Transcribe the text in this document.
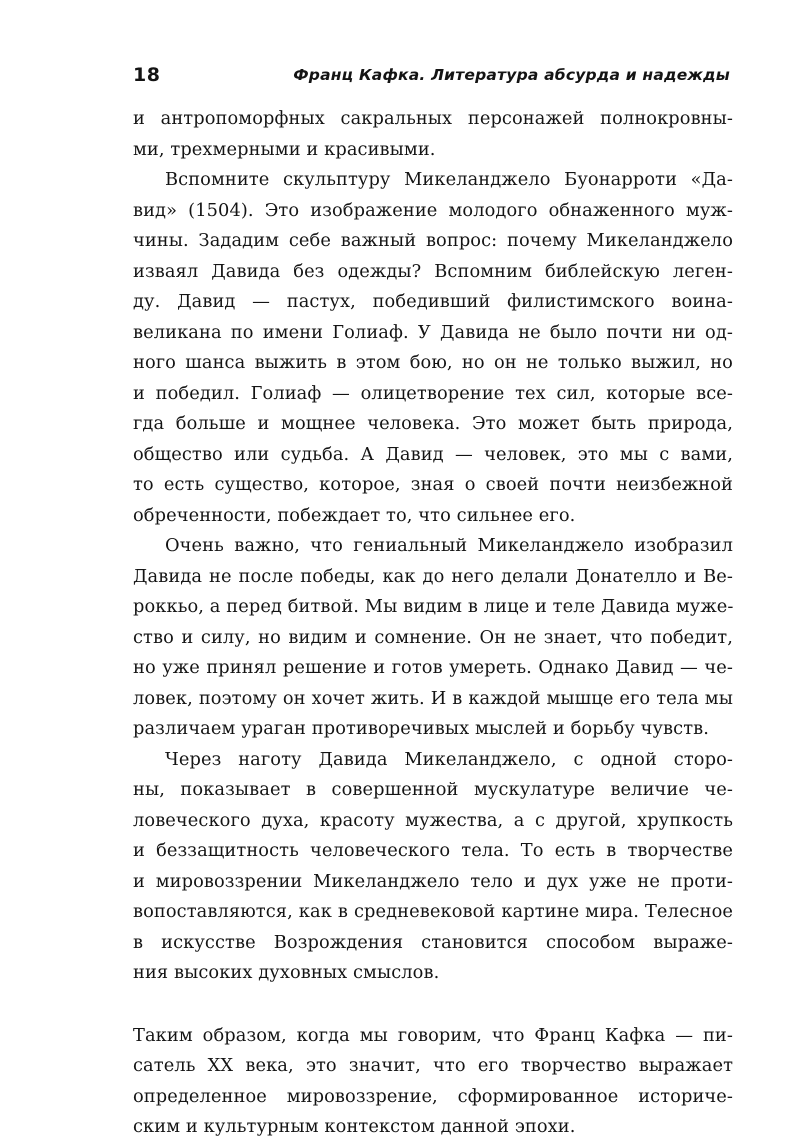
18	Франц Кафка. Литература абсурда и надежды
и антропоморфных сакральных персонажей полнокровны-
ми, трехмерными и красивыми.
Вспомните скульптуру Микеланджело Буонарроти «Да-
вид» (1504). Это изображение молодого обнаженного муж-
чины. Зададим себе важный вопрос: почему Микеланджело
изваял Давида без одежды? Вспомним библейскую леген-
ду. Давид — пастух, победивший филистимского воина-
великана по имени Голиаф. У Давида не было почти ни од-
ного шанса выжить в этом бою, но он не только выжил, но
и победил. Голиаф — олицетворение тех сил, которые все-
гда больше и мощнее человека. Это может быть природа,
общество или судьба. А Давид — человек, это мы с вами,
то есть существо, которое, зная о своей почти неизбежной
обреченности, побеждает то, что сильнее его.
Очень важно, что гениальный Микеланджело изобразил
Давида не после победы, как до него делали Донателло и Ве-
роккьо, а перед битвой. Мы видим в лице и теле Давида муже-
ство и силу, но видим и сомнение. Он не знает, что победит,
но уже принял решение и готов умереть. Однако Давид — че-
ловек, поэтому он хочет жить. И в каждой мышце его тела мы
различаем ураган противоречивых мыслей и борьбу чувств.
Через наготу Давида Микеланджело, с одной сторо-
ны, показывает в совершенной мускулатуре величие че-
ловеческого духа, красоту мужества, а с другой, хрупкость
и беззащитность человеческого тела. То есть в творчестве
и мировоззрении Микеланджело тело и дух уже не проти-
вопоставляются, как в средневековой картине мира. Телесное
в искусстве Возрождения становится способом выраже-
ния высоких духовных смыслов.
Таким образом, когда мы говорим, что Франц Кафка — пи-
сатель XX века, это значит, что его творчество выражает
определенное мировоззрение, сформированное историче-
ским и культурным контекстом данной эпохи.
